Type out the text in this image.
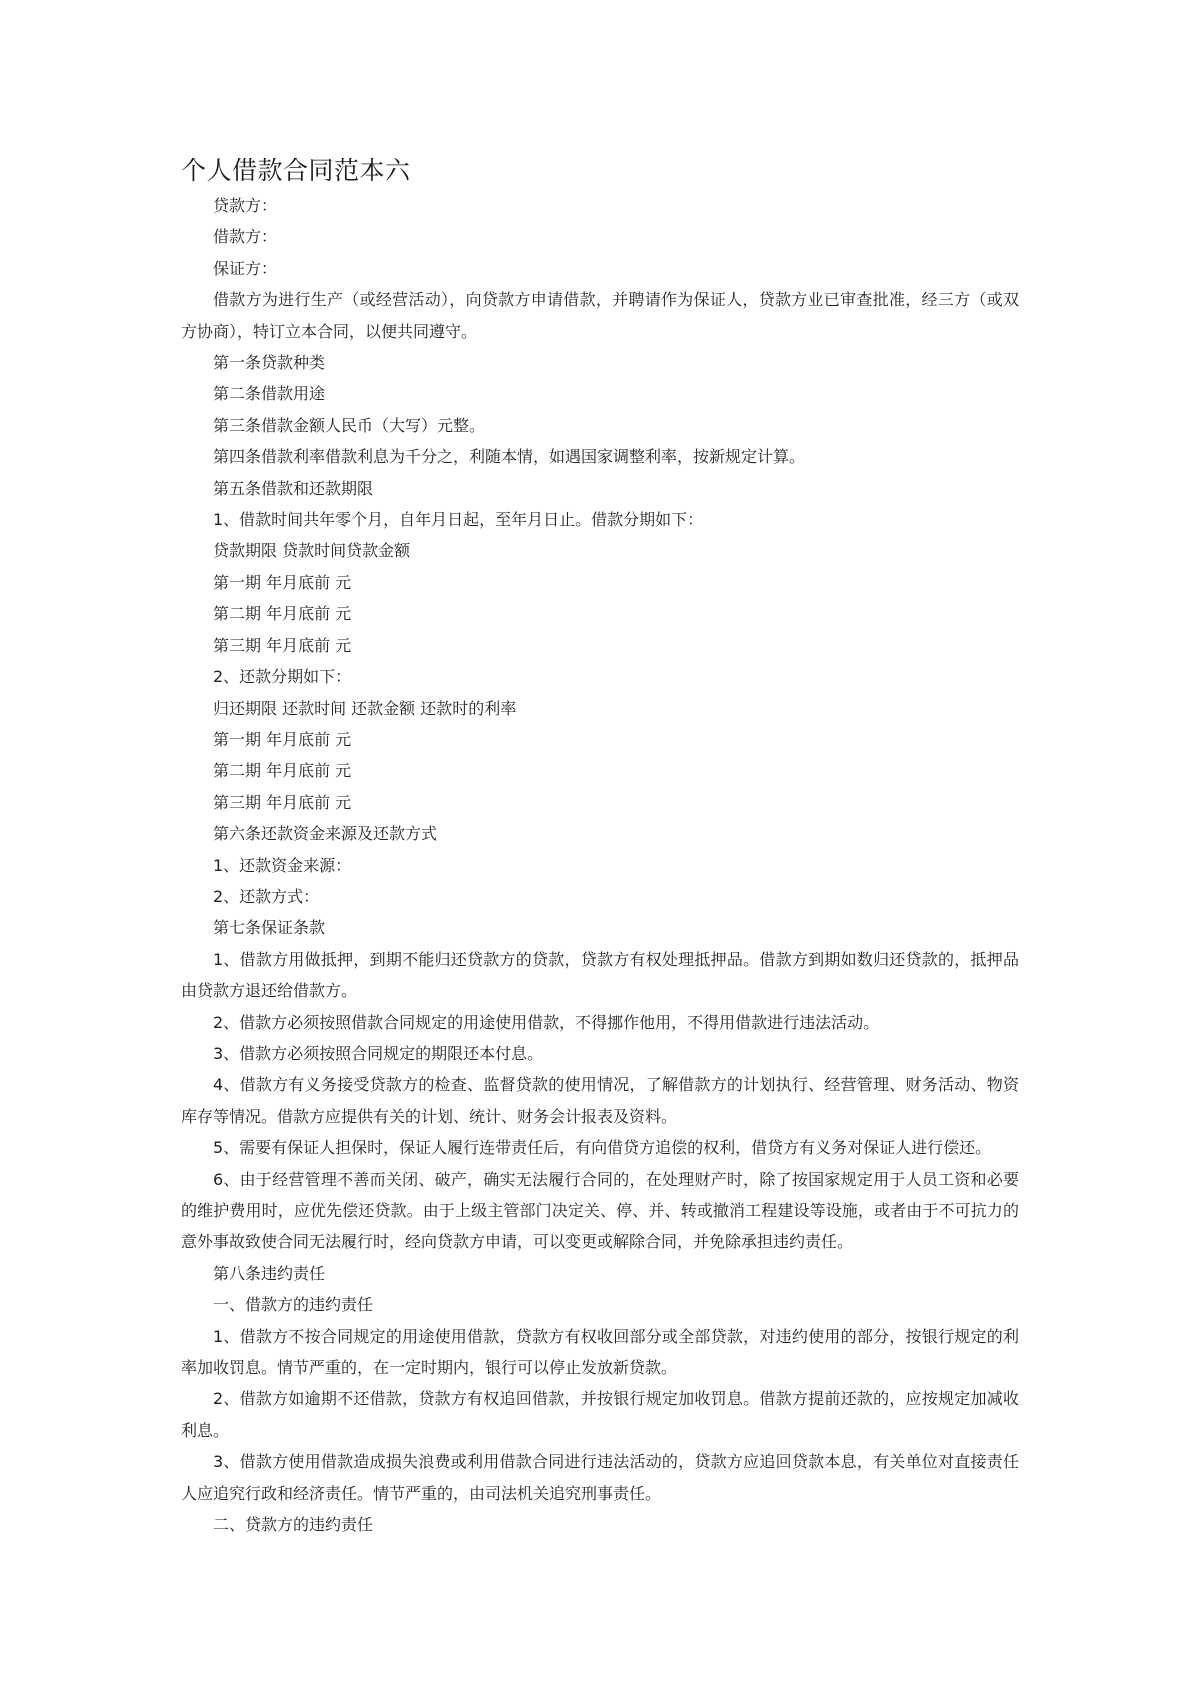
个人借款合同范本六

贷款方：

借款方：

保证方：

借款方为进行生产（或经营活动），向贷款方申请借款，并聘请作为保证人，贷款方业已审查批准，经三方（或双方协商），特订立本合同，以便共同遵守。

第一条贷款种类

第二条借款用途

第三条借款金额人民币（大写）元整。

第四条借款利率借款利息为千分之，利随本情，如遇国家调整利率，按新规定计算。

第五条借款和还款期限

1、借款时间共年零个月，自年月日起，至年月日止。借款分期如下：

贷款期限 贷款时间贷款金额

第一期 年月底前 元

第二期 年月底前 元

第三期 年月底前 元

2、还款分期如下：

归还期限 还款时间 还款金额 还款时的利率

第一期 年月底前 元

第二期 年月底前 元

第三期 年月底前 元

第六条还款资金来源及还款方式

1、还款资金来源：

2、还款方式：

第七条保证条款

1、借款方用做抵押，到期不能归还贷款方的贷款，贷款方有权处理抵押品。借款方到期如数归还贷款的，抵押品由贷款方退还给借款方。

2、借款方必须按照借款合同规定的用途使用借款，不得挪作他用，不得用借款进行违法活动。

3、借款方必须按照合同规定的期限还本付息。

4、借款方有义务接受贷款方的检查、监督贷款的使用情况，了解借款方的计划执行、经营管理、财务活动、物资库存等情况。借款方应提供有关的计划、统计、财务会计报表及资料。

5、需要有保证人担保时，保证人履行连带责任后，有向借贷方追偿的权利，借贷方有义务对保证人进行偿还。

6、由于经营管理不善而关闭、破产，确实无法履行合同的，在处理财产时，除了按国家规定用于人员工资和必要的维护费用时，应优先偿还贷款。由于上级主管部门决定关、停、并、转或撤消工程建设等设施，或者由于不可抗力的意外事故致使合同无法履行时，经向贷款方申请，可以变更或解除合同，并免除承担违约责任。

第八条违约责任

一、借款方的违约责任

1、借款方不按合同规定的用途使用借款，贷款方有权收回部分或全部贷款，对违约使用的部分，按银行规定的利率加收罚息。情节严重的，在一定时期内，银行可以停止发放新贷款。

2、借款方如逾期不还借款，贷款方有权追回借款，并按银行规定加收罚息。借款方提前还款的，应按规定加减收利息。

3、借款方使用借款造成损失浪费或利用借款合同进行违法活动的，贷款方应追回贷款本息，有关单位对直接责任人应追究行政和经济责任。情节严重的，由司法机关追究刑事责任。

二、贷款方的违约责任
